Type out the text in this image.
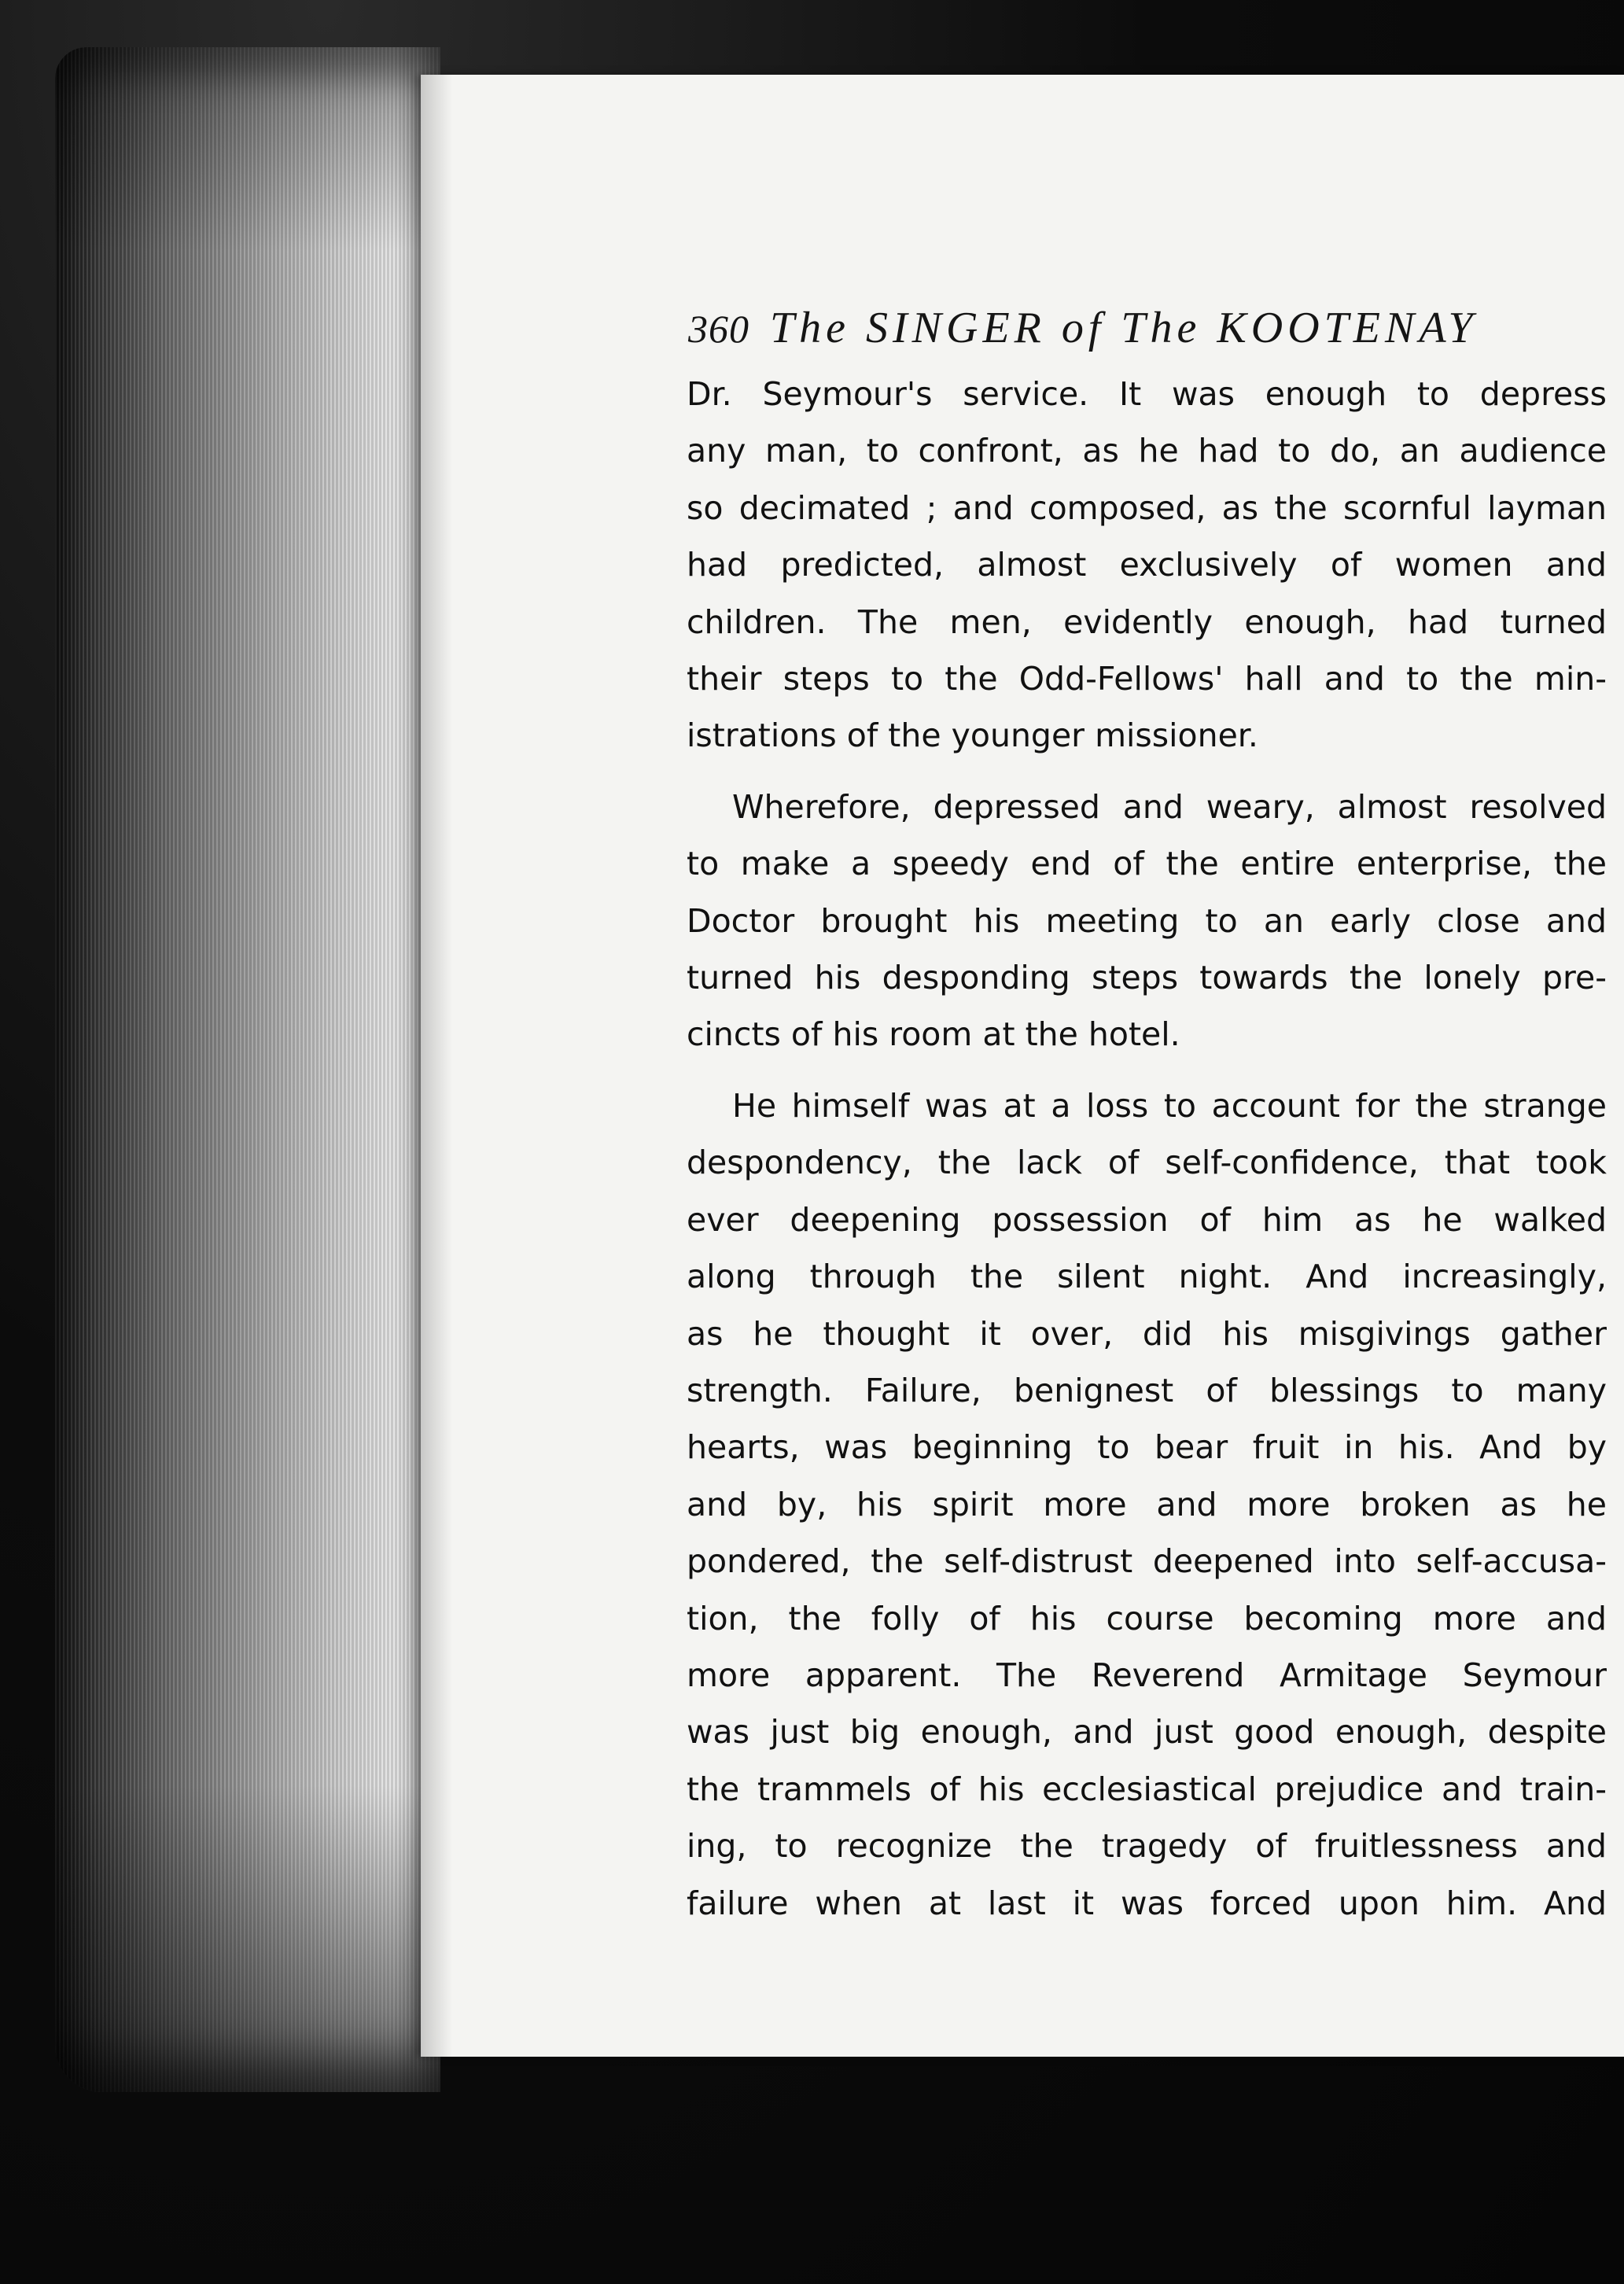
360 The SINGER of The KOOTENAY

Dr. Seymour's service. It was enough to depress
any man, to confront, as he had to do, an audience
so decimated ; and composed, as the scornful layman
had predicted, almost exclusively of women and
children. The men, evidently enough, had turned
their steps to the Odd-Fellows' hall and to the min-
istrations of the younger missioner.

Wherefore, depressed and weary, almost resolved
to make a speedy end of the entire enterprise, the
Doctor brought his meeting to an early close and
turned his desponding steps towards the lonely pre-
cincts of his room at the hotel.

He himself was at a loss to account for the strange
despondency, the lack of self-confidence, that took
ever deepening possession of him as he walked
along through the silent night. And increasingly,
as he thought it over, did his misgivings gather
strength. Failure, benignest of blessings to many
hearts, was beginning to bear fruit in his. And by
and by, his spirit more and more broken as he
pondered, the self-distrust deepened into self-accusa-
tion, the folly of his course becoming more and
more apparent. The Reverend Armitage Seymour
was just big enough, and just good enough, despite
the trammels of his ecclesiastical prejudice and train-
ing, to recognize the tragedy of fruitlessness and
failure when at last it was forced upon him. And
